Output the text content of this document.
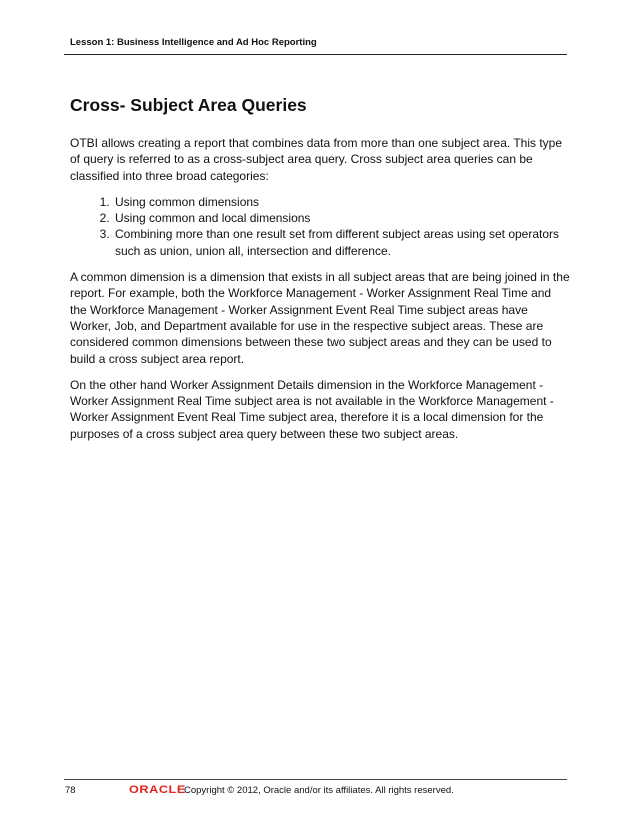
Lesson 1: Business Intelligence and Ad Hoc Reporting
Cross- Subject Area Queries

OTBI allows creating a report that combines data from more than one subject area. This type of query is referred to as a cross-subject area query. Cross subject area queries can be classified into three broad categories:

1. Using common dimensions
2. Using common and local dimensions
3. Combining more than one result set from different subject areas using set operators such as union, union all, intersection and difference.

A common dimension is a dimension that exists in all subject areas that are being joined in the report. For example, both the Workforce Management - Worker Assignment Real Time and the Workforce Management - Worker Assignment Event Real Time subject areas have Worker, Job, and Department available for use in the respective subject areas. These are considered common dimensions between these two subject areas and they can be used to build a cross subject area report.

On the other hand Worker Assignment Details dimension in the Workforce Management - Worker Assignment Real Time subject area is not available in the Workforce Management - Worker Assignment Event Real Time subject area, therefore it is a local dimension for the purposes of a cross subject area query between these two subject areas.

78	ORACLE
Copyright © 2012, Oracle and/or its affiliates. All rights reserved.
